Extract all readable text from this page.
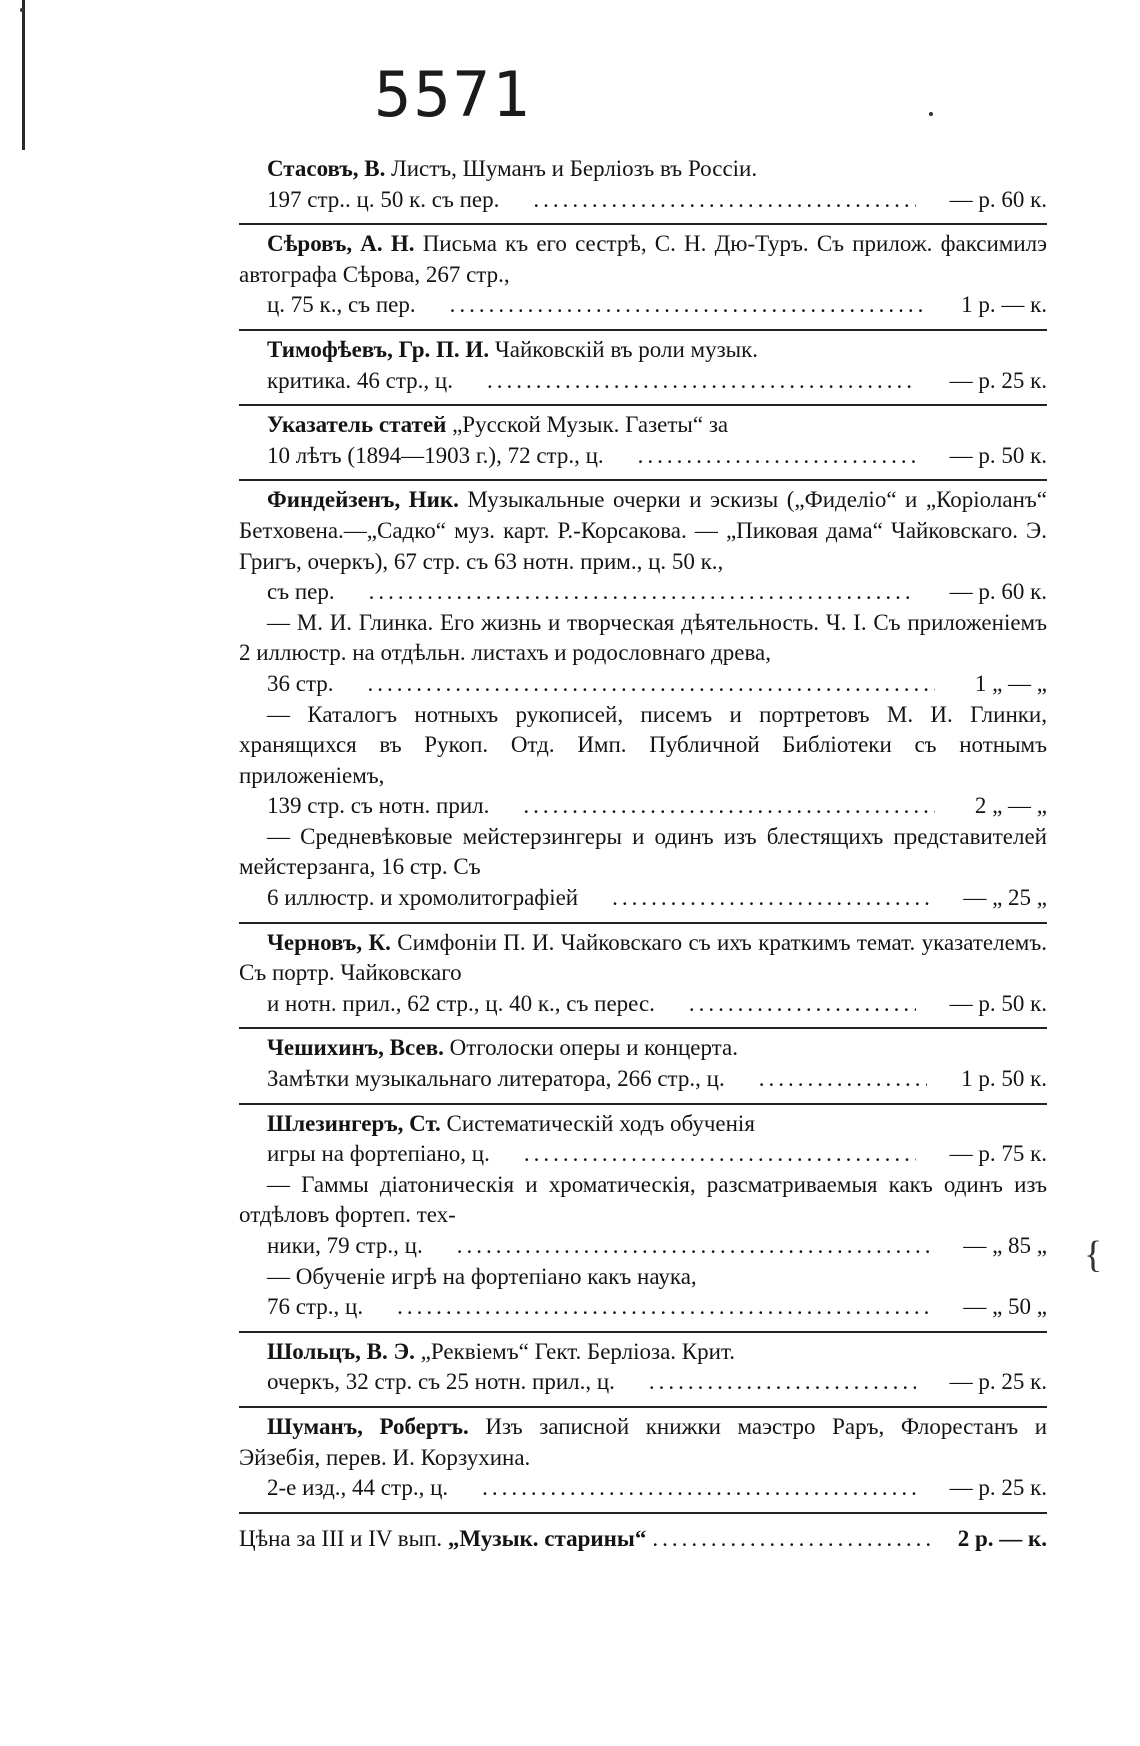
{
5571
Стасовъ, В. Листъ, Шуманъ и Берліозъ въ Россіи.
197 стр.. ц. 50 к. съ пер. .....	— р. 60 к.
Сѣровъ, А. Н. Письма къ его сестрѣ, С. Н. Дю-Туръ. Съ прилож. факсимилэ автографа Сѣрова, 267 стр.,
ц. 75 к., съ пер. .....	1 р. — к.
Тимофѣевъ, Гр. П. И. Чайковскій въ роли музык.
критика. 46 стр., ц. .....	— р. 25 к.
Указатель статей „Русской Музык. Газеты“ за
10 лѣтъ (1894—1903 г.), 72 стр., ц. .....	— р. 50 к.
Финдейзенъ, Ник. Музыкальные очерки и эскизы („Фиделіо“ и „Коріоланъ“ Бетховена.—„Садко“ муз. карт. Р.-Корсакова. — „Пиковая дама“ Чайковскаго. Э. Григъ, очеркъ), 67 стр. съ 63 нотн. прим., ц. 50 к.,
съ пер. .....	— р. 60 к.
— М. И. Глинка. Его жизнь и творческая дѣятельность. Ч. І. Съ приложеніемъ 2 иллюстр. на отдѣльн. листахъ и родословнаго древа,
36 стр. .....	1 „ — „
— Каталогъ нотныхъ рукописей, писемъ и портретовъ М. И. Глинки, хранящихся въ Рукоп. Отд. Имп. Публичной Библіотеки съ нотнымъ приложеніемъ,
139 стр. съ нотн. прил. .....	2 „ — „
— Средневѣковые мейстерзингеры и одинъ изъ блестящихъ представителей мейстерзанга, 16 стр. Съ
6 иллюстр. и хромолитографіей .....	— „ 25 „
Черновъ, К. Симфоніи П. И. Чайковскаго съ ихъ краткимъ темат. указателемъ. Съ портр. Чайковскаго
и нотн. прил., 62 стр., ц. 40 к., съ перес. .....	— р. 50 к.
Чешихинъ, Всев. Отголоски оперы и концерта.
Замѣтки музыкальнаго литератора, 266 стр., ц. .....	1 р. 50 к.
Шлезингеръ, Ст. Систематическій ходъ обученія
игры на фортепіано, ц. .....	— р. 75 к.
— Гаммы діатоническія и хроматическія, разсматриваемыя какъ одинъ изъ отдѣловъ фортеп. тех-
ники, 79 стр., ц. .....	— „ 85 „
— Обученіе игрѣ на фортепіано какъ наука,
76 стр., ц. .....	— „ 50 „
Шольцъ, В. Э. „Реквіемъ“ Гект. Берліоза. Крит.
очеркъ, 32 стр. съ 25 нотн. прил., ц. .....	— р. 25 к.
Шуманъ, Робертъ. Изъ записной книжки маэстро Раръ, Флорестанъ и Эйзебія, перев. И. Корзухина.
2-е изд., 44 стр., ц. .....	— р. 25 к.
Цѣна за III и IV вып. „Музык. старины“ .....	2 р. — к.
